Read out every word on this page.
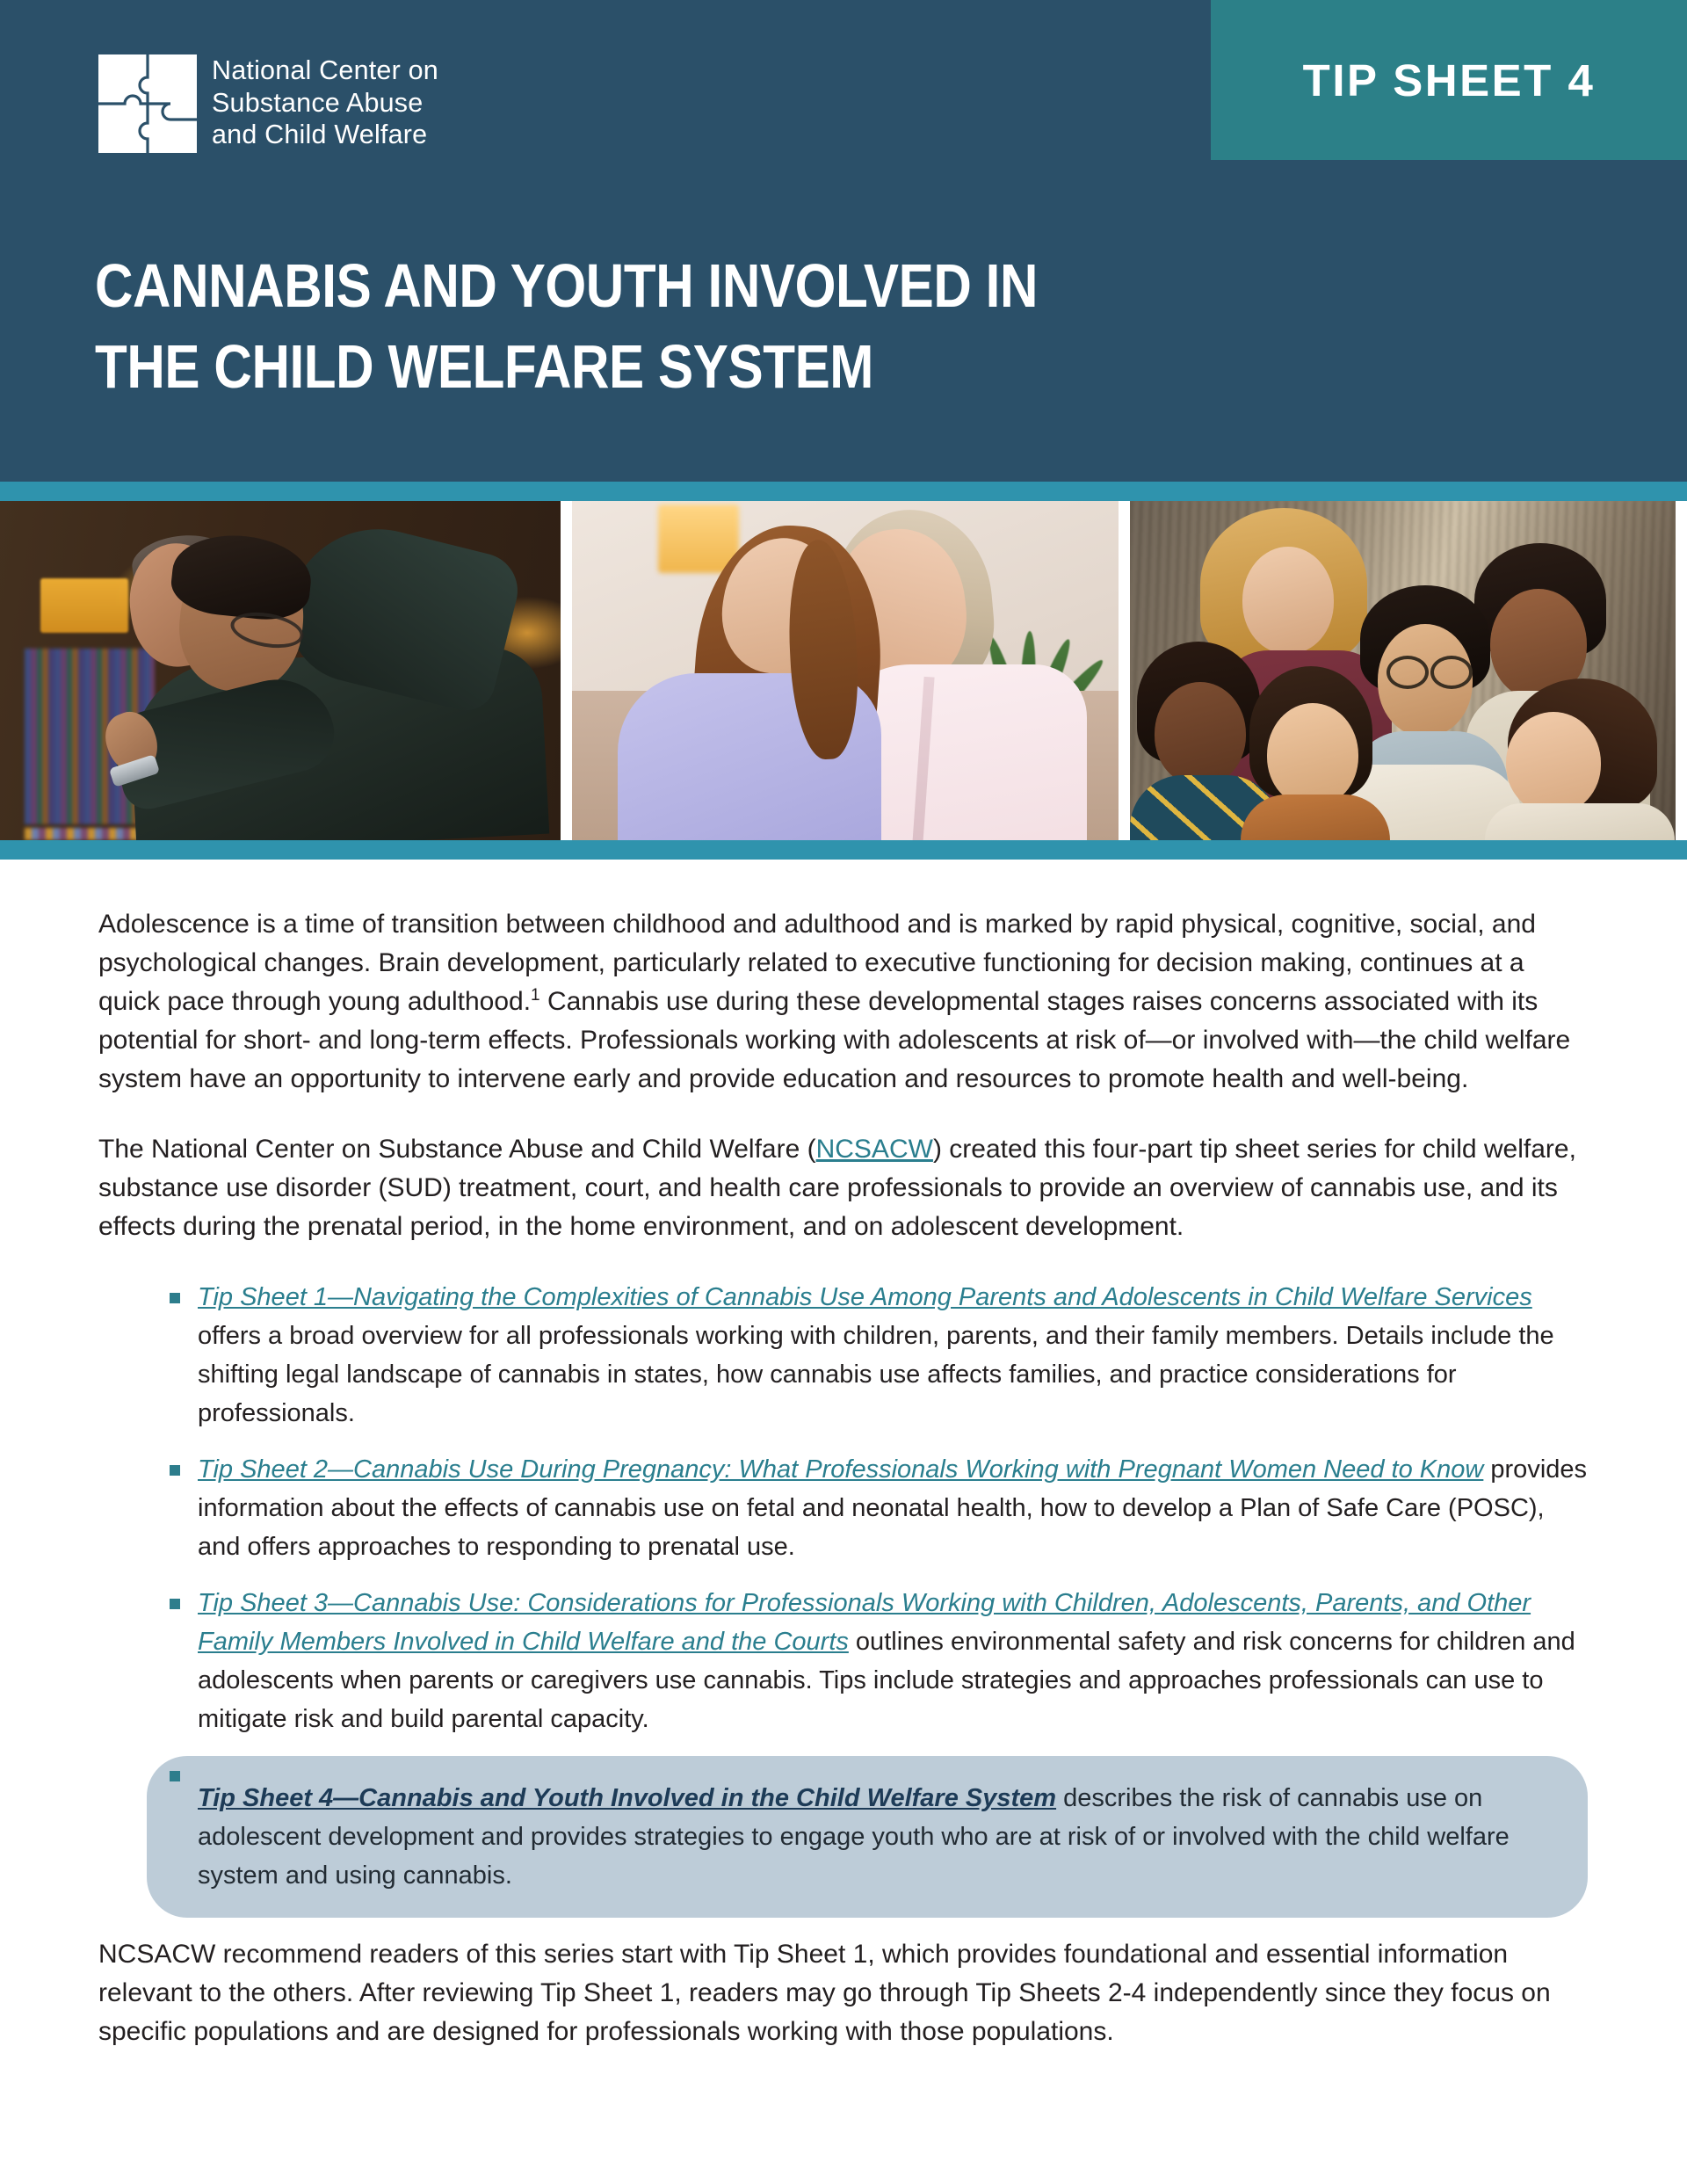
TIP SHEET 4
National Center on
Substance Abuse
and Child Welfare
CANNABIS AND YOUTH INVOLVED IN
THE CHILD WELFARE SYSTEM

Adolescence is a time of transition between childhood and adulthood and is marked by rapid physical, cognitive, social, and psychological changes. Brain development, particularly related to executive functioning for decision making, continues at a quick pace through young adulthood.$^1$ Cannabis use during these developmental stages raises concerns associated with its potential for short- and long-term effects. Professionals working with adolescents at risk of—or involved with—the child welfare system have an opportunity to intervene early and provide education and resources to promote health and well-being.

The National Center on Substance Abuse and Child Welfare (NCSACW) created this four-part tip sheet series for child welfare, substance use disorder (SUD) treatment, court, and health care professionals to provide an overview of cannabis use, and its effects during the prenatal period, in the home environment, and on adolescent development.

Tip Sheet 1—Navigating the Complexities of Cannabis Use Among Parents and Adolescents in Child Welfare Services offers a broad overview for all professionals working with children, parents, and their family members. Details include the shifting legal landscape of cannabis in states, how cannabis use affects families, and practice considerations for professionals.
Tip Sheet 2—Cannabis Use During Pregnancy: What Professionals Working with Pregnant Women Need to Know provides information about the effects of cannabis use on fetal and neonatal health, how to develop a Plan of Safe Care (POSC), and offers approaches to responding to prenatal use.
Tip Sheet 3—Cannabis Use: Considerations for Professionals Working with Children, Adolescents, Parents, and Other Family Members Involved in Child Welfare and the Courts outlines environmental safety and risk concerns for children and adolescents when parents or caregivers use cannabis. Tips include strategies and approaches professionals can use to mitigate risk and build parental capacity.
Tip Sheet 4—Cannabis and Youth Involved in the Child Welfare System describes the risk of cannabis use on adolescent development and provides strategies to engage youth who are at risk of or involved with the child welfare system and using cannabis.

NCSACW recommend readers of this series start with Tip Sheet 1, which provides foundational and essential information relevant to the others. After reviewing Tip Sheet 1, readers may go through Tip Sheets 2-4 independently since they focus on specific populations and are designed for professionals working with those populations.
